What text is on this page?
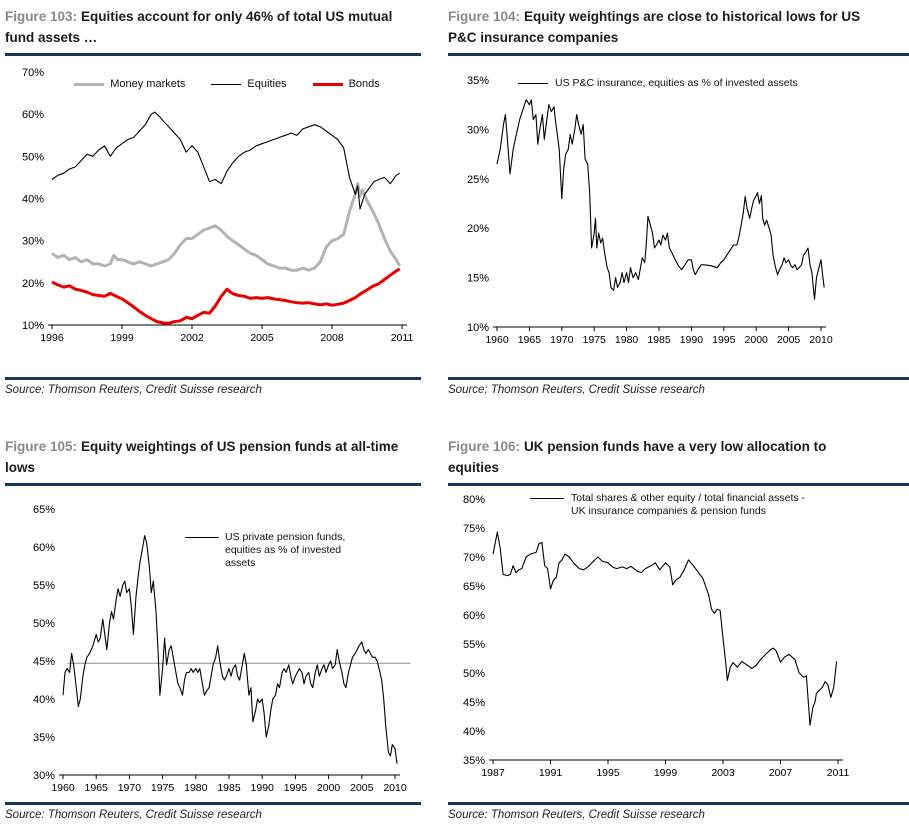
Figure 103: Equities account for only 46% of total US mutual fund assets …
1996	1999	2002	2005	2008	2011
10%
20%
30%
40%
50%
60%
70%
Money markets	Equities	Bonds
Source: Thomson Reuters, Credit Suisse research
Figure 104: Equity weightings are close to historical lows for US P&C insurance companies
1960 1965 1970 1975 1980 1985 1990 1995 2000 2005 2010
10%
15%
20%
25%
30%
35%	US P&C insurance, equities as % of invested assets
Source: Thomson Reuters, Credit Suisse research
Figure 105: Equity weightings of US pension funds at all-time lows
1960 1965 1970 1975 1980 1985 1990 1995 2000 2005 2010
30%
35%
40%
45%
50%
55%
60%
65%
US private pension funds,
equities as % of invested
assets
Source: Thomson Reuters, Credit Suisse research
Figure 106: UK pension funds have a very low allocation to equities
1987	1991	1995	1999	2003	2007	2011
35%
40%
45%
50%
55%
60%
65%
70%
75%
80%	Total shares & other equity / total financial assets -
UK insurance companies & pension funds
Source: Thomson Reuters, Credit Suisse research
